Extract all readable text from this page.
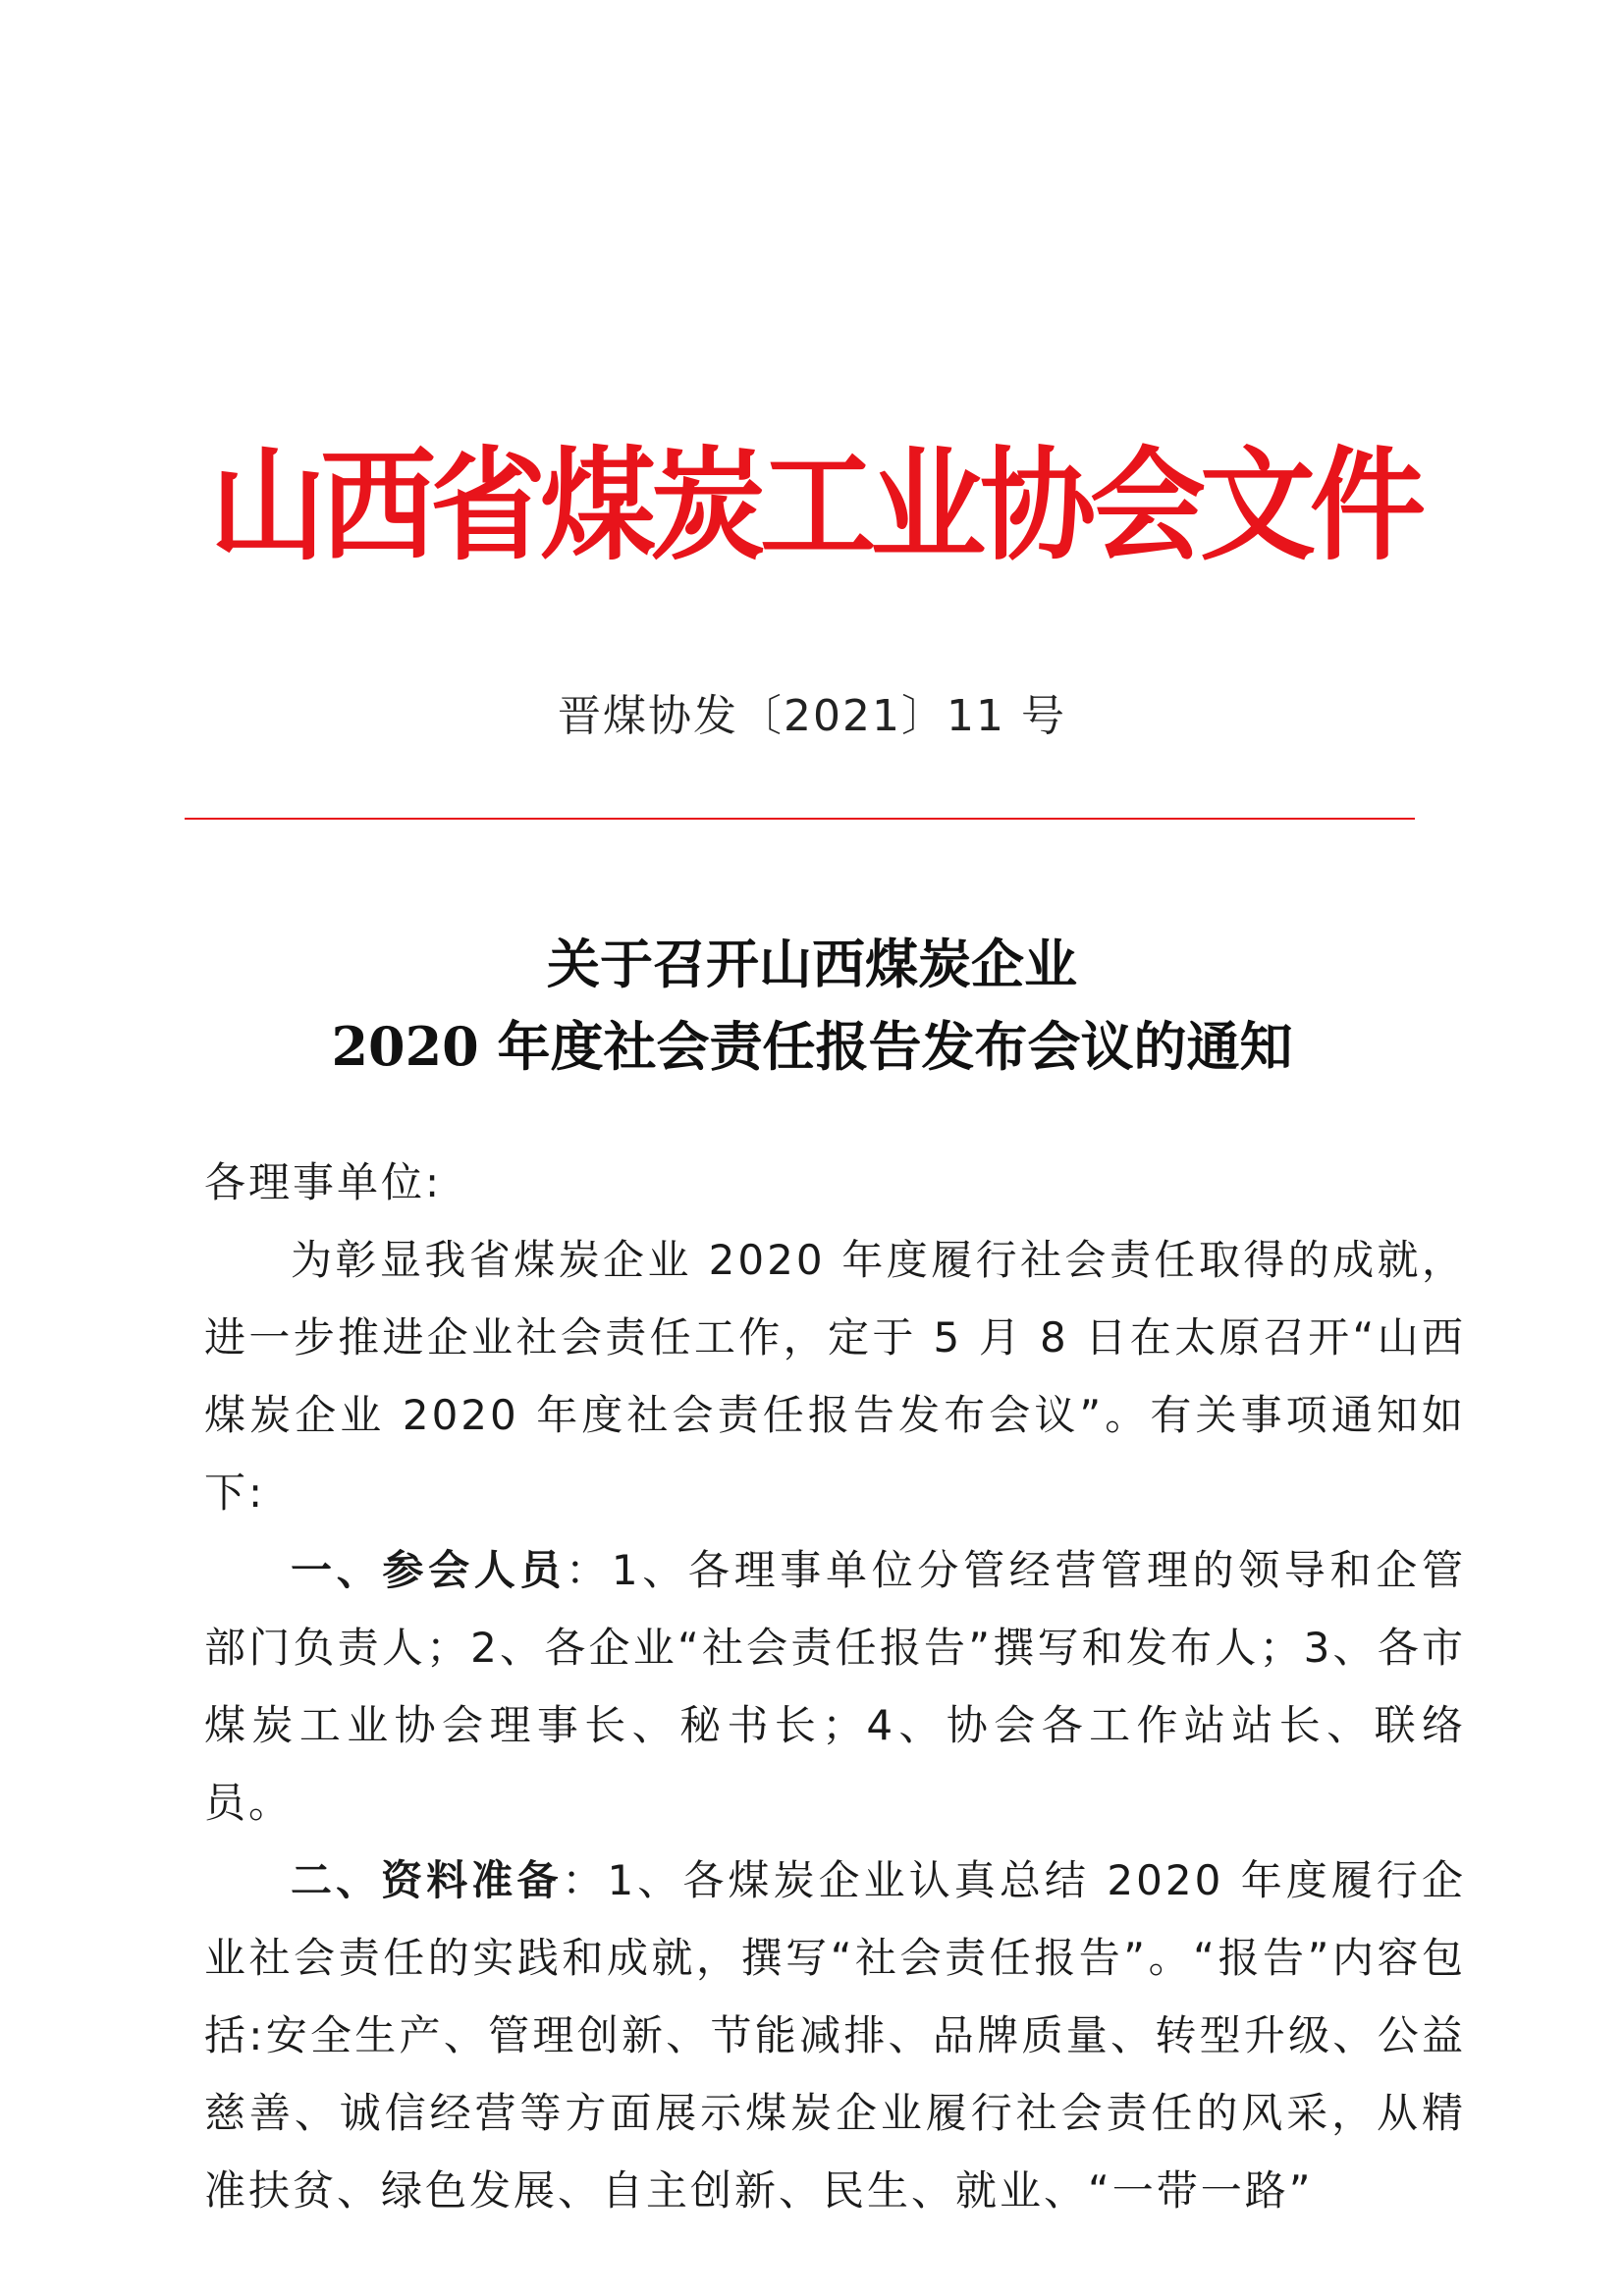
山西省煤炭工业协会文件
晋煤协发〔2021〕11 号
关于召开山西煤炭企业
2020 年度社会责任报告发布会议的通知

各理事单位:

为彰显我省煤炭企业 2020 年度履行社会责任取得的成就，进一步推进企业社会责任工作，定于 5 月 8 日在太原召开“山西煤炭企业 2020 年度社会责任报告发布会议”。有关事项通知如下:

一、参会人员：1、各理事单位分管经营管理的领导和企管部门负责人；2、各企业“社会责任报告”撰写和发布人；3、各市煤炭工业协会理事长、秘书长；4、协会各工作站站长、联络员。

二、资料准备：1、各煤炭企业认真总结 2020 年度履行企业社会责任的实践和成就，撰写“社会责任报告”。“报告”内容包括:安全生产、管理创新、节能减排、品牌质量、转型升级、公益慈善、诚信经营等方面展示煤炭企业履行社会责任的风采，从精准扶贫、绿色发展、自主创新、民生、就业、“一带一路”
